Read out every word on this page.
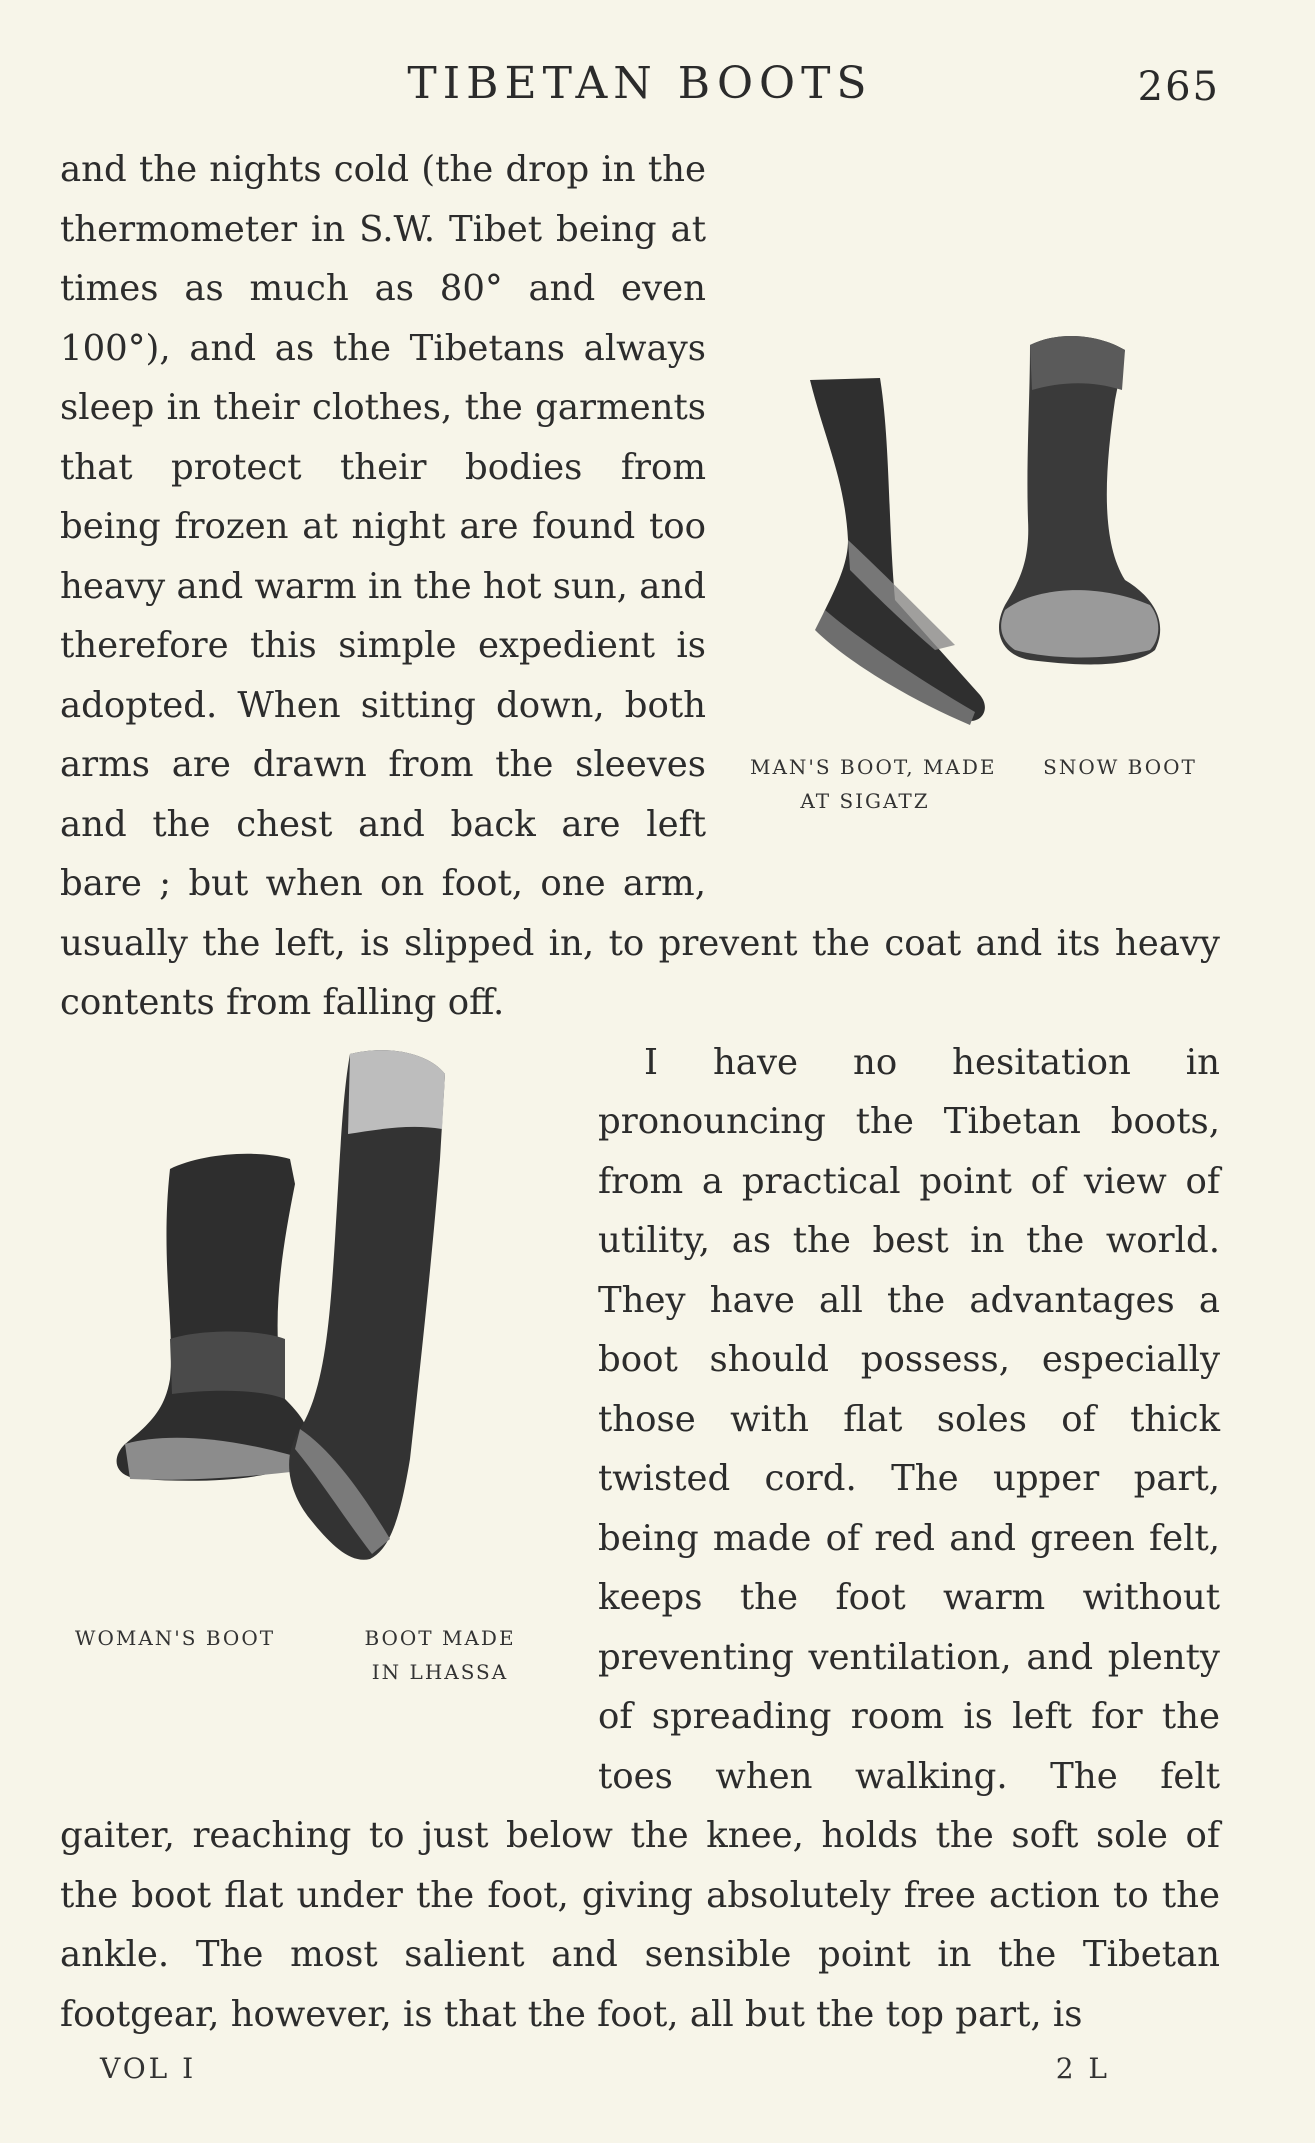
TIBETAN BOOTS	265
MAN'S BOOT, MADE
AT SIGATZ
SNOW BOOT

and the nights cold (the drop in the thermometer in S.W. Tibet being at times as much as 80° and even 100°), and as the Tibetans always sleep in their clothes, the garments that protect their bodies from being frozen at night are found too heavy and warm in the hot sun, and therefore this simple expedient is adopted. When sitting down, both arms are drawn from the sleeves and the chest and back are left bare ; but when on foot, one arm, usually the left, is slipped in, to prevent the coat and its heavy contents from falling off.

WOMAN'S BOOT	BOOT MADE
IN LHASSA

I have no hesitation in pronouncing the Tibetan boots, from a practical point of view of utility, as the best in the world. They have all the advantages a boot should possess, especially those with flat soles of thick twisted cord. The upper part, being made of red and green felt, keeps the foot warm without preventing ventilation, and plenty of spreading room is left for the toes when walking. The felt gaiter, reaching to just below the knee, holds the soft sole of the boot flat under the foot, giving absolutely free action to the ankle. The most salient and sensible point in the Tibetan footgear, however, is that the foot, all but the top part, is

VOL I	2 L
